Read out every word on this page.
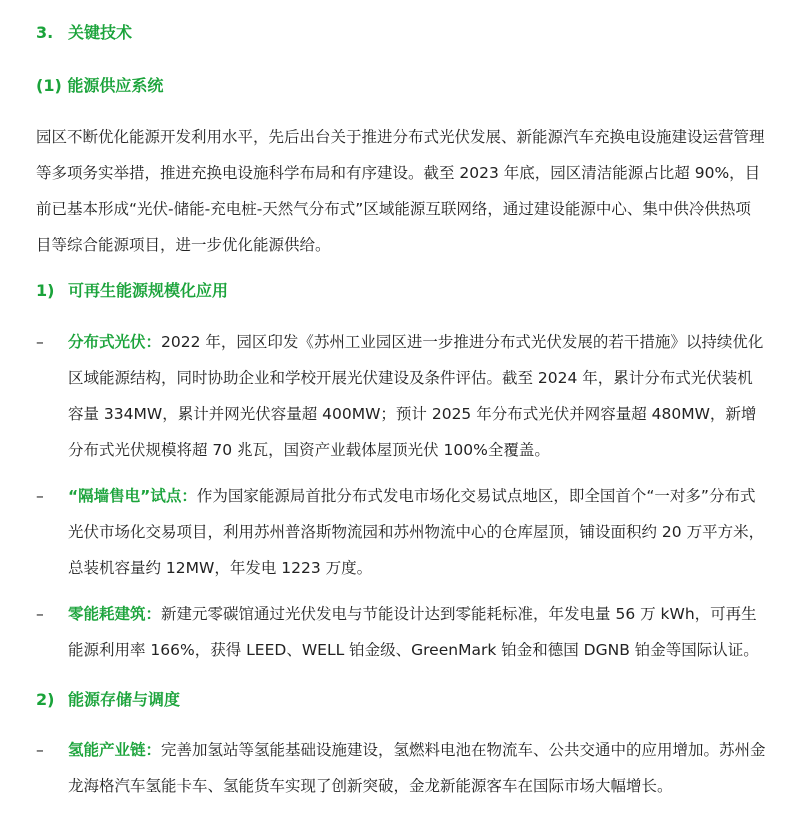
3. 关键技术
(1) 能源供应系统
园区不断优化能源开发利用水平，先后出台关于推进分布式光伏发展、新能源汽车充换电设施建设运营管理等多项务实举措，推进充换电设施科学布局和有序建设。截至 2023 年底，园区清洁能源占比超 90%，目前已基本形成“光伏-储能-充电桩-天然气分布式”区域能源互联网络，通过建设能源中心、集中供冷供热项目等综合能源项目，进一步优化能源供给。
1) 可再生能源规模化应用
–	分布式光伏：2022 年，园区印发《苏州工业园区进一步推进分布式光伏发展的若干措施》以持续优化区域能源结构，同时协助企业和学校开展光伏建设及条件评估。截至 2024 年，累计分布式光伏装机容量 334MW，累计并网光伏容量超 400MW；预计 2025 年分布式光伏并网容量超 480MW，新增分布式光伏规模将超 70 兆瓦，国资产业载体屋顶光伏 100%全覆盖。
–	“隔墙售电”试点：作为国家能源局首批分布式发电市场化交易试点地区，即全国首个“一对多”分布式光伏市场化交易项目，利用苏州普洛斯物流园和苏州物流中心的仓库屋顶，铺设面积约 20 万平方米，总装机容量约 12MW，年发电 1223 万度。
–	零能耗建筑：新建元零碳馆通过光伏发电与节能设计达到零能耗标准，年发电量 56 万 kWh，可再生能源利用率 166%，获得 LEED、WELL 铂金级、GreenMark 铂金和德国 DGNB 铂金等国际认证。
2) 能源存储与调度
–	氢能产业链：完善加氢站等氢能基础设施建设，氢燃料电池在物流车、公共交通中的应用增加。苏州金龙海格汽车氢能卡车、氢能货车实现了创新突破，金龙新能源客车在国际市场大幅增长。
